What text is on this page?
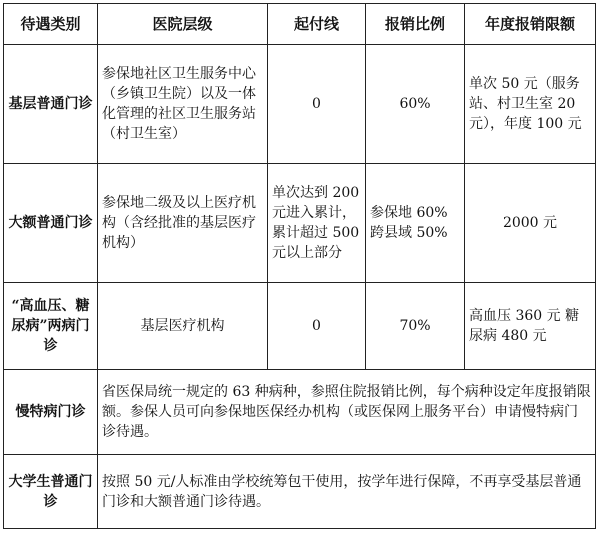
待遇类别	医院层级	起付线	报销比例	年度报销限额
基层普通门诊	参保地社区卫生服务中心（乡镇卫生院）以及一体化管理的社区卫生服务站（村卫生室）	0	60%	单次 50 元（服务站、村卫生室 20元），年度 100 元
大额普通门诊	参保地二级及以上医疗机构（含经批准的基层医疗机构）	单次达到 200 元进入累计，累计超过 500 元以上部分	参保地 60% 跨县域 50%	2000 元
“高血压、糖尿病”两病门诊	基层医疗机构	0	70%	高血压 360 元 糖尿病 480 元
慢特病门诊	省医保局统一规定的 63 种病种，参照住院报销比例，每个病种设定年度报销限额。参保人员可向参保地医保经办机构（或医保网上服务平台）申请慢特病门诊待遇。			
大学生普通门诊	按照 50 元/人标准由学校统筹包干使用，按学年进行保障，不再享受基层普通门诊和大额普通门诊待遇。			
